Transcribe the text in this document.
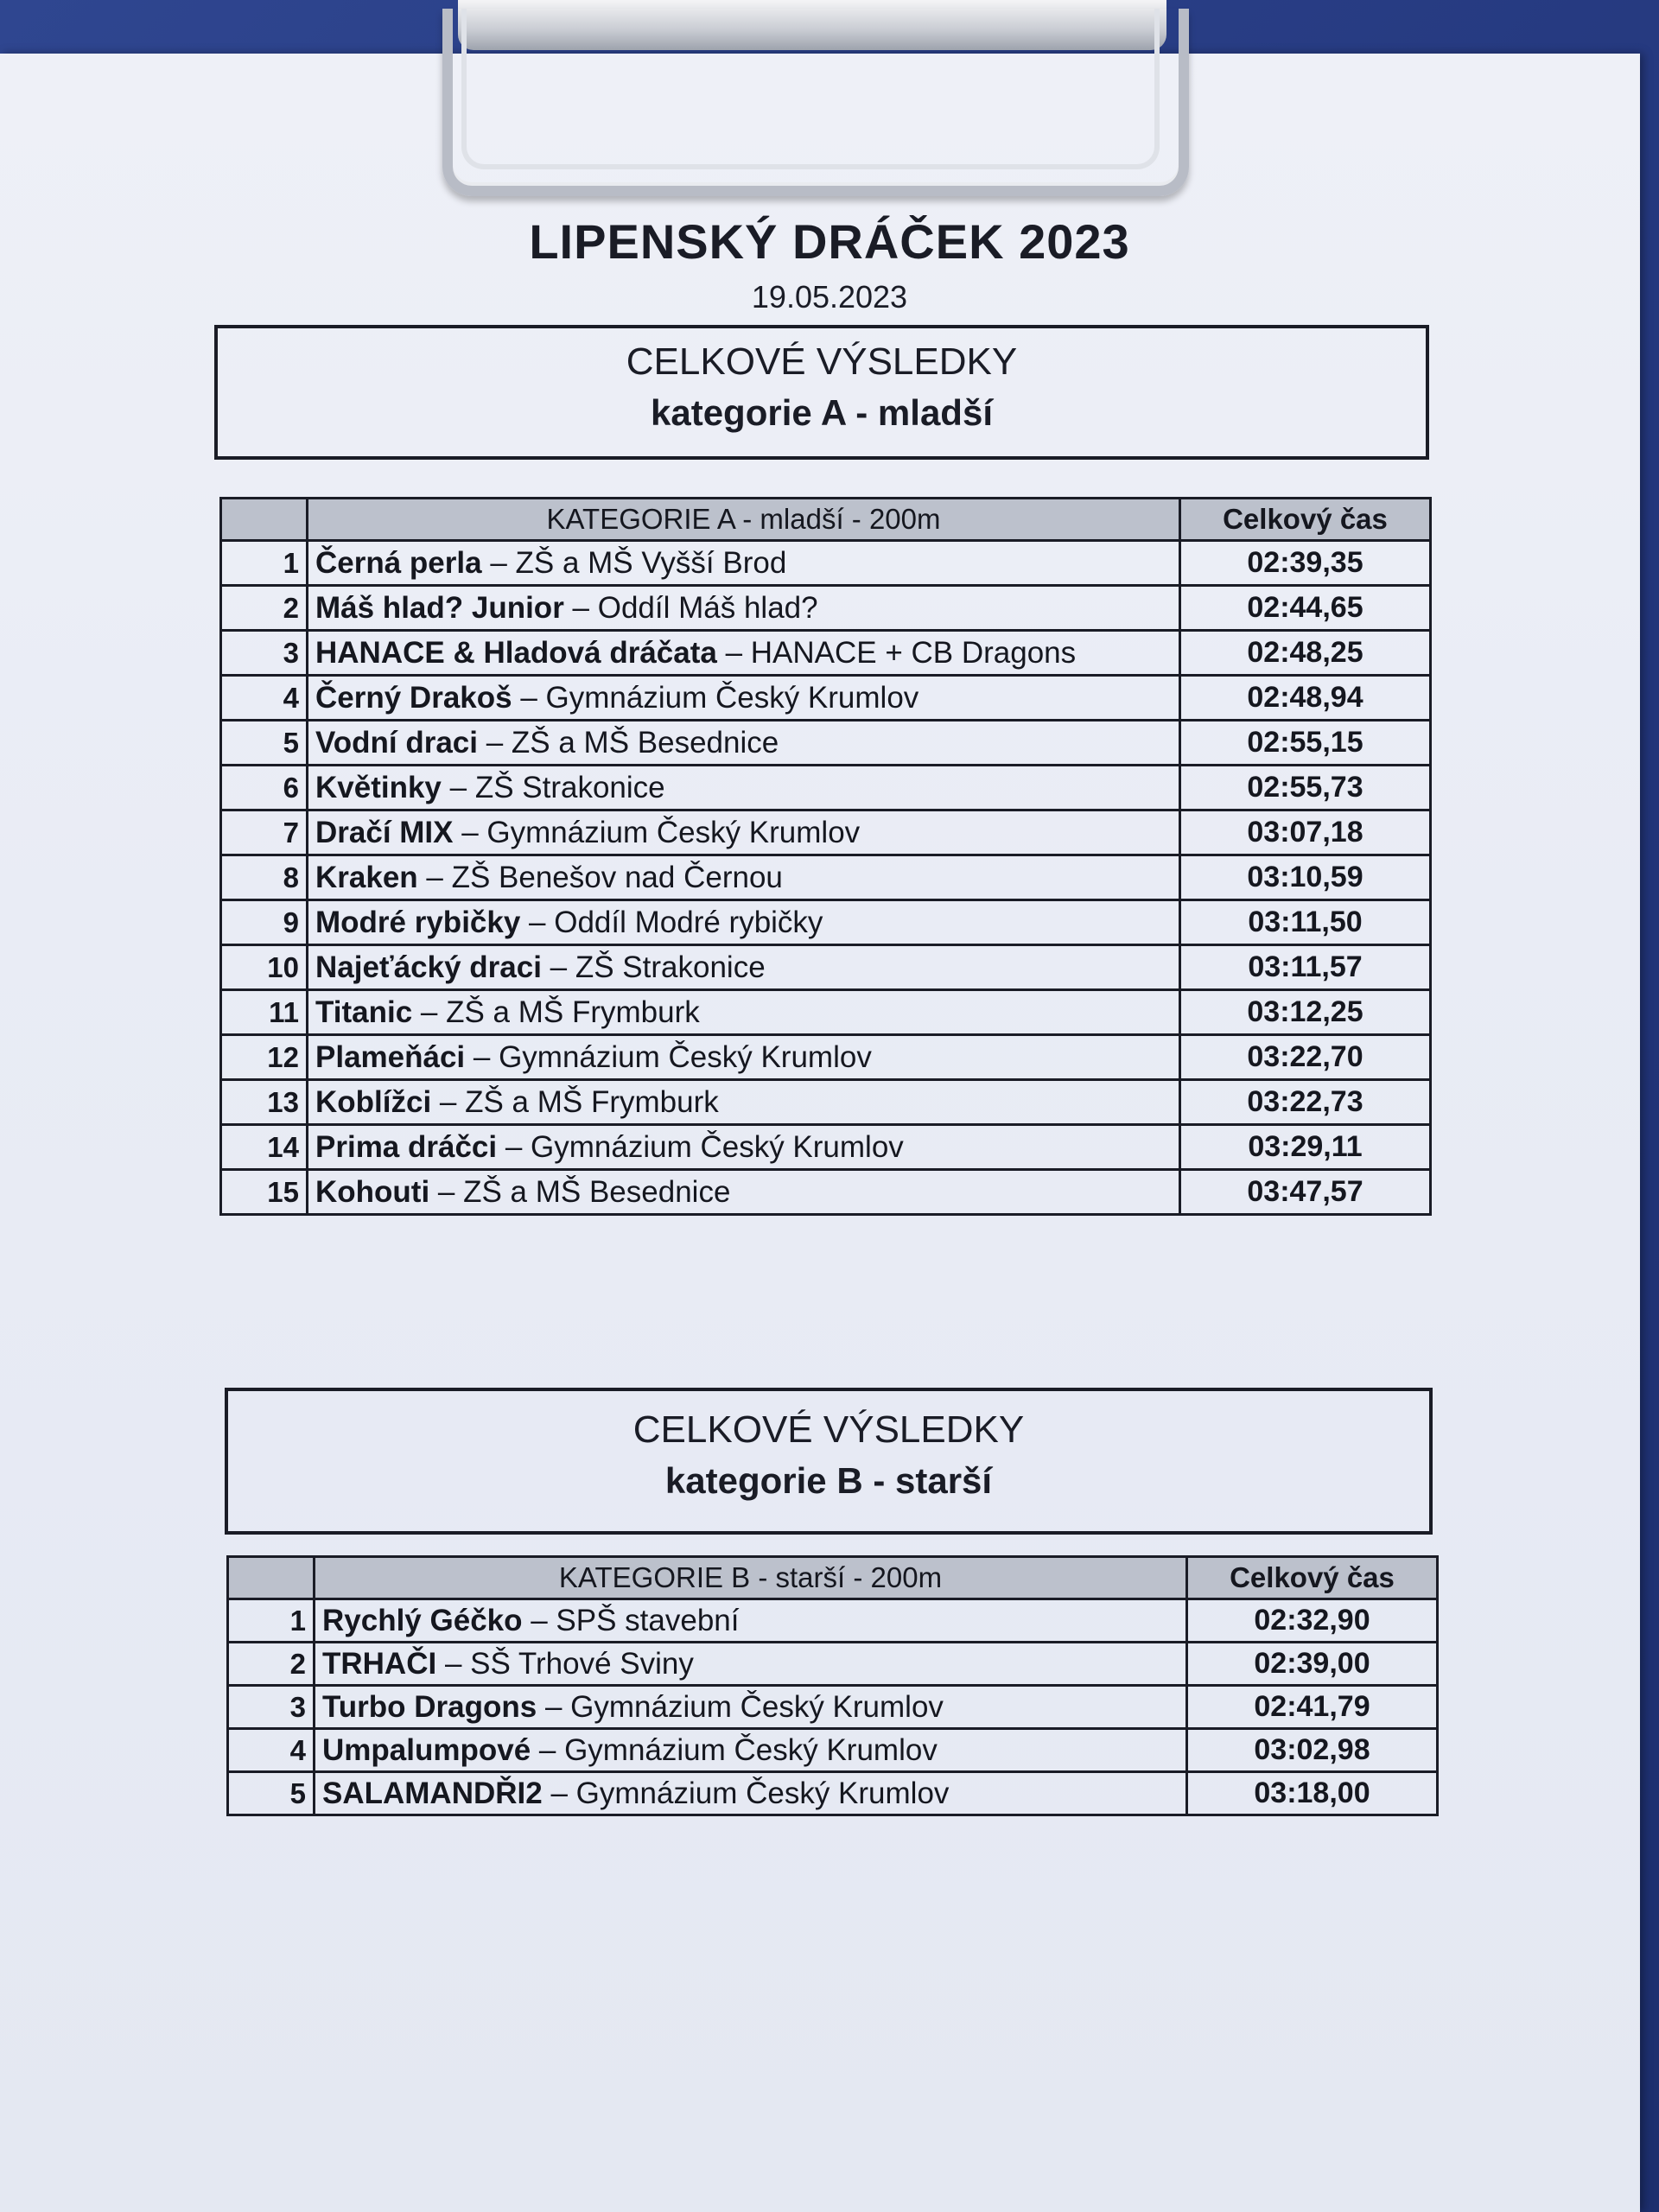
LIPENSKÝ DRÁČEK 2023
19.05.2023
CELKOVÉ VÝSLEDKY
kategorie A - mladší
	KATEGORIE A - mladší - 200m	Celkový čas
1	Černá perla – ZŠ a MŠ Vyšší Brod	02:39,35
2	Máš hlad? Junior – Oddíl Máš hlad?	02:44,65
3	HANACE & Hladová dráčata – HANACE + CB Dragons	02:48,25
4	Černý Drakoš – Gymnázium Český Krumlov	02:48,94
5	Vodní draci – ZŠ a MŠ Besednice	02:55,15
6	Květinky – ZŠ Strakonice	02:55,73
7	Dračí MIX – Gymnázium Český Krumlov	03:07,18
8	Kraken – ZŠ Benešov nad Černou	03:10,59
9	Modré rybičky – Oddíl Modré rybičky	03:11,50
10	Najeťácký draci – ZŠ Strakonice	03:11,57
11	Titanic – ZŠ a MŠ Frymburk	03:12,25
12	Plameňáci – Gymnázium Český Krumlov	03:22,70
13	Koblížci – ZŠ a MŠ Frymburk	03:22,73
14	Prima dráčci – Gymnázium Český Krumlov	03:29,11
15	Kohouti – ZŠ a MŠ Besednice	03:47,57
CELKOVÉ VÝSLEDKY
kategorie B - starší
	KATEGORIE B - starší - 200m	Celkový čas
1	Rychlý Géčko – SPŠ stavební	02:32,90
2	TRHAČI – SŠ Trhové Sviny	02:39,00
3	Turbo Dragons – Gymnázium Český Krumlov	02:41,79
4	Umpalumpové – Gymnázium Český Krumlov	03:02,98
5	SALAMANDŘI2 – Gymnázium Český Krumlov	03:18,00
